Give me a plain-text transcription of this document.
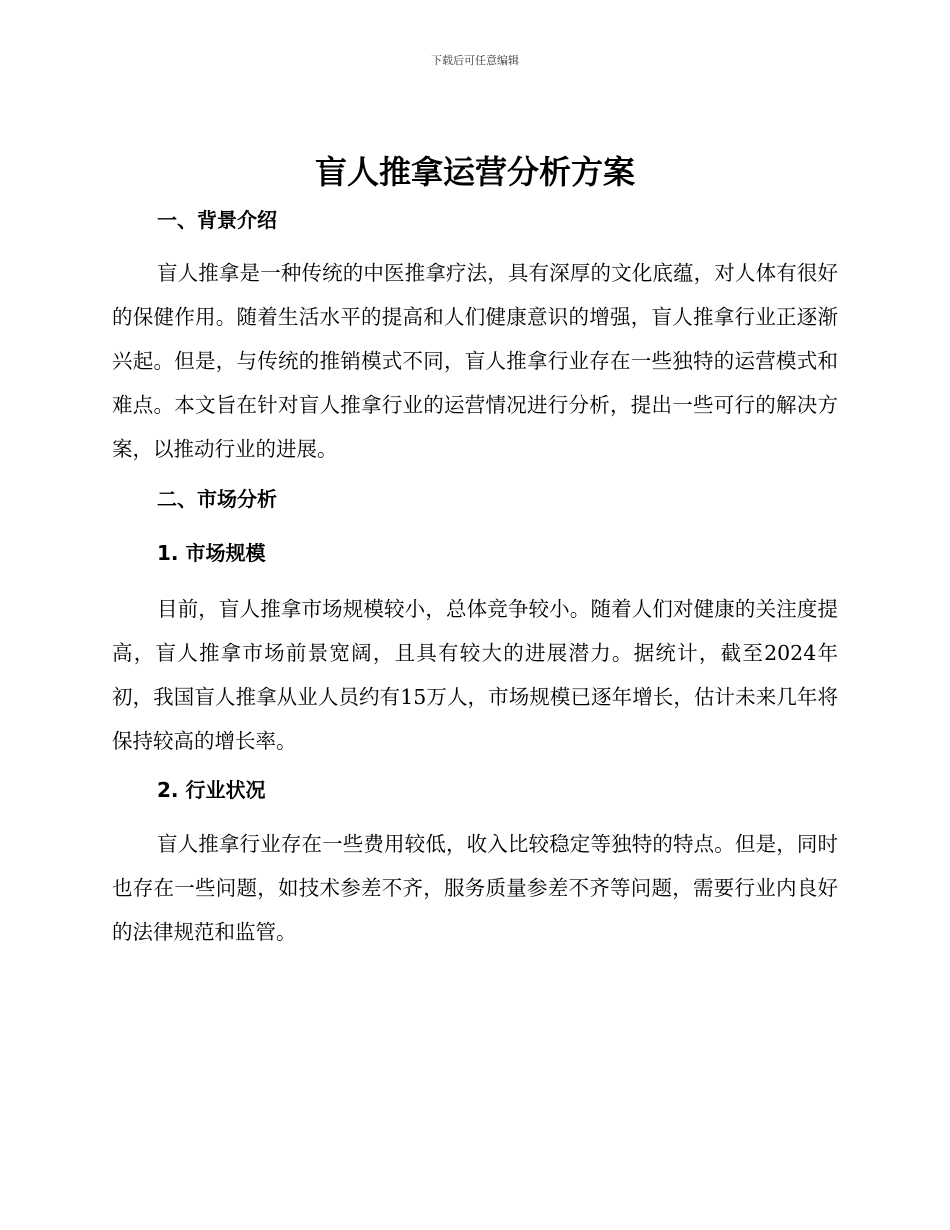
下载后可任意编辑
盲人推拿运营分析方案
一、背景介绍

盲人推拿是一种传统的中医推拿疗法，具有深厚的文化底蕴，对人体有很好的保健作用。随着生活水平的提高和人们健康意识的增强，盲人推拿行业正逐渐兴起。但是，与传统的推销模式不同，盲人推拿行业存在一些独特的运营模式和难点。本文旨在针对盲人推拿行业的运营情况进行分析，提出一些可行的解决方案，以推动行业的进展。

二、市场分析
1. 市场规模

目前，盲人推拿市场规模较小，总体竞争较小。随着人们对健康的关注度提高，盲人推拿市场前景宽阔，且具有较大的进展潜力。据统计，截至2024年初，我国盲人推拿从业人员约有15万人，市场规模已逐年增长，估计未来几年将保持较高的增长率。

2. 行业状况

盲人推拿行业存在一些费用较低，收入比较稳定等独特的特点。但是，同时也存在一些问题，如技术参差不齐，服务质量参差不齐等问题，需要行业内良好的法律规范和监管。
